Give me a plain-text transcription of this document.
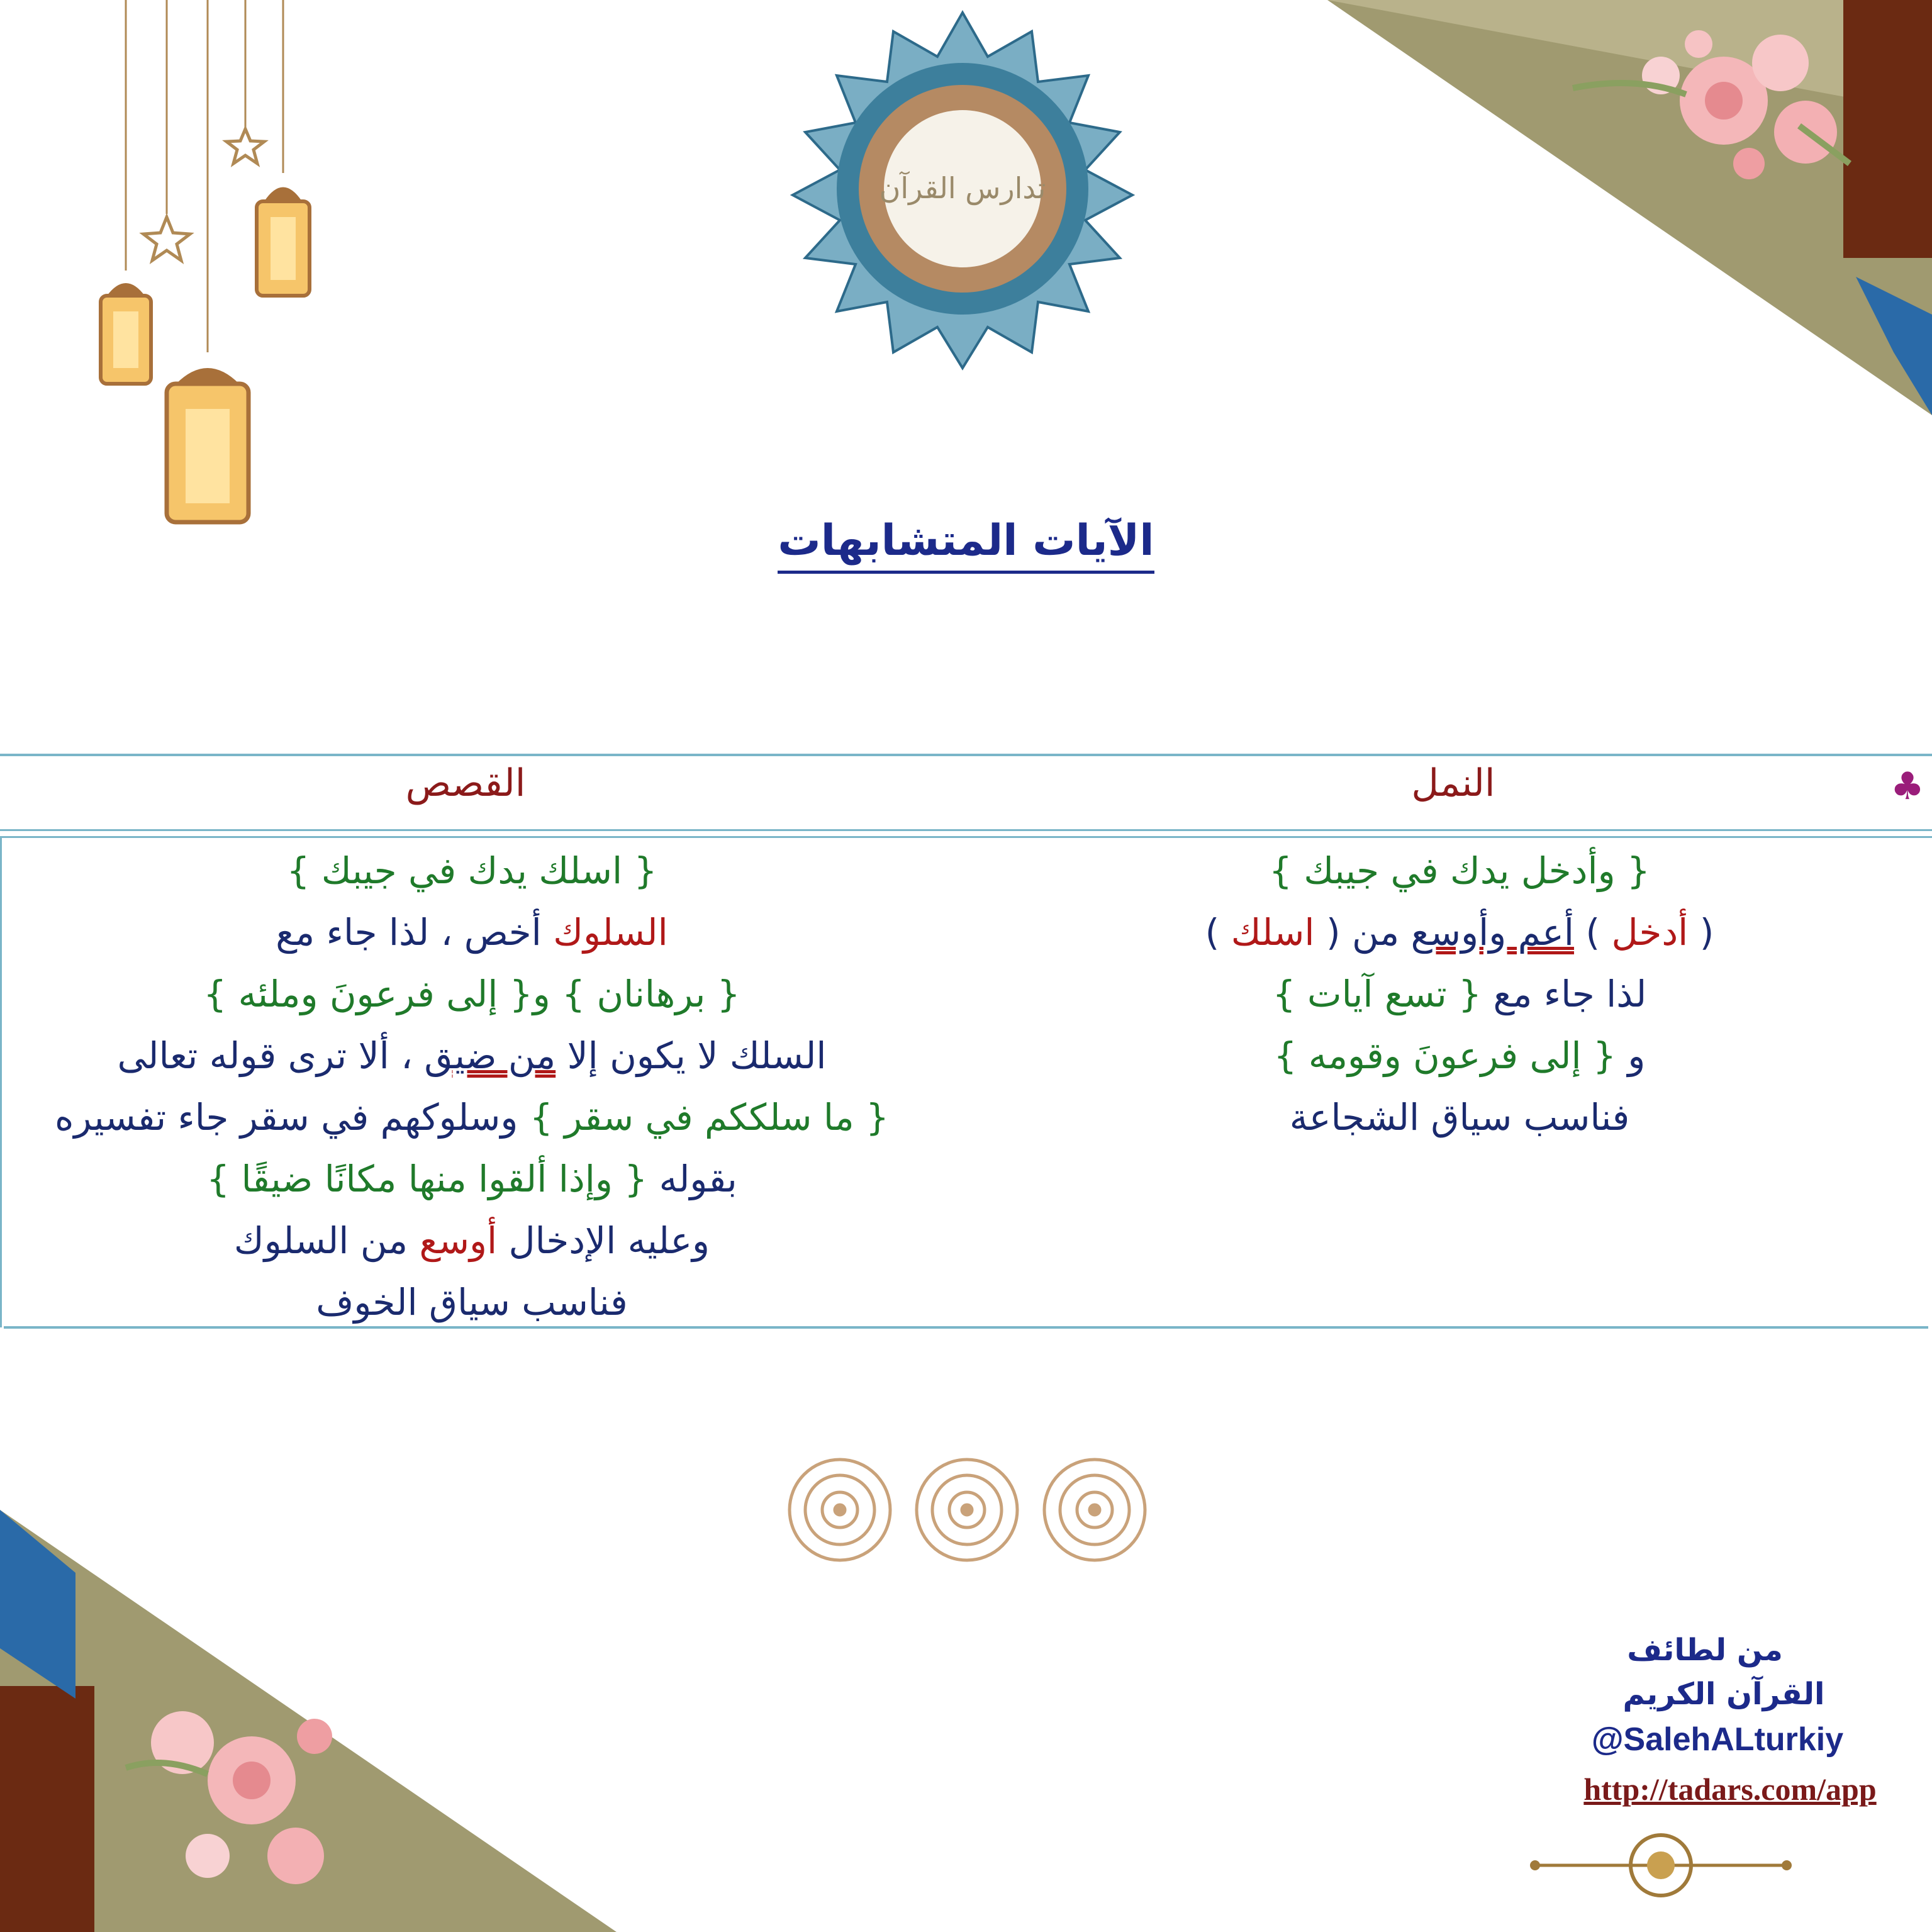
تدارس القرآن
الآيات المتشابهات
♣
النمل
القصص
{ وأدخل يدك في جيبك }
( أدخل ) أعم وأوسع من ( اسلك )
لذا جاء مع { تسع آيات }
و { إلى فرعونَ وقومه }
فناسب سياق الشجاعة
{ اسلك يدك في جيبك }
السلوك أخص ، لذا جاء مع
{ برهانان } و{ إلى فرعونَ وملئه }
السلك لا يكون إلا من ضيق ، ألا ترى قوله تعالى
{ ما سلككم في سقر } وسلوكهم في سقر جاء تفسيره
بقوله { وإذا ألقوا منها مكانًا ضيقًا }
وعليه الإدخال أوسع من السلوك
فناسب سياق الخوف
من لطائف
القرآن الكريم
@SalehALturkiy
http://tadars.com/app
